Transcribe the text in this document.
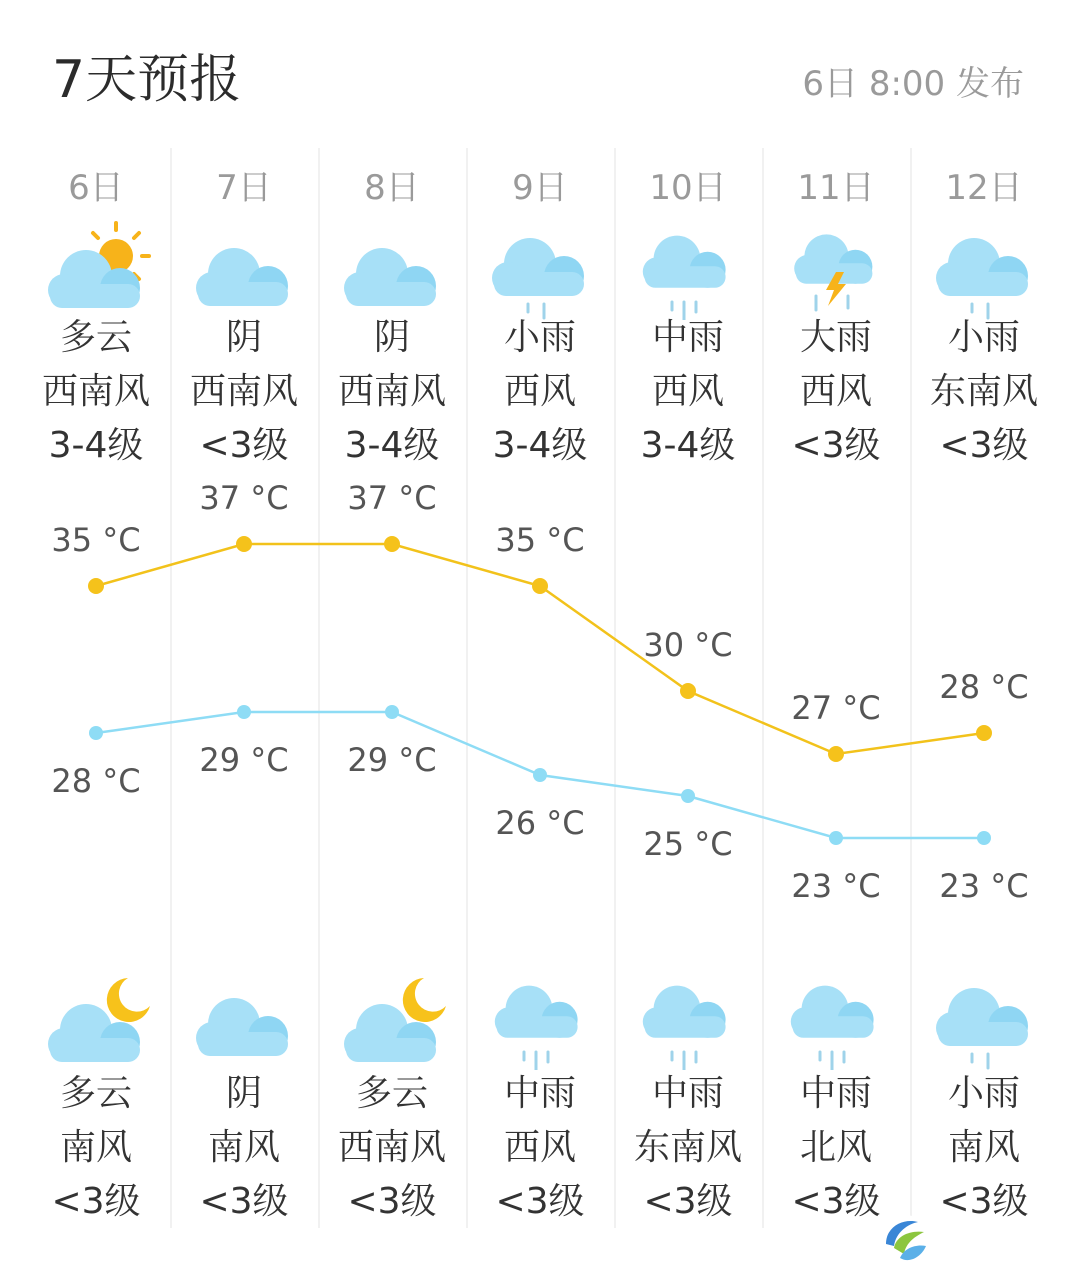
7天预报	6日 8:00 发布
6日
多云
西南风
3-4级
多云
南风
<3级
7日
阴
西南风
<3级
阴
南风
<3级
8日
阴
西南风
3-4级
多云
西南风
<3级
9日
小雨
西风
3-4级
中雨
西风
<3级
10日
中雨
西风
3-4级
中雨
东南风
<3级
11日
大雨
西风
<3级
中雨
北风
<3级
12日
小雨
东南风
<3级
小雨
南风
<3级
35 °C
37 °C 37 °C
35 °C
30 °C
27 °C
28 °C
28 °C
29 °C 29 °C
26 °C
25 °C
23 °C 23 °C
